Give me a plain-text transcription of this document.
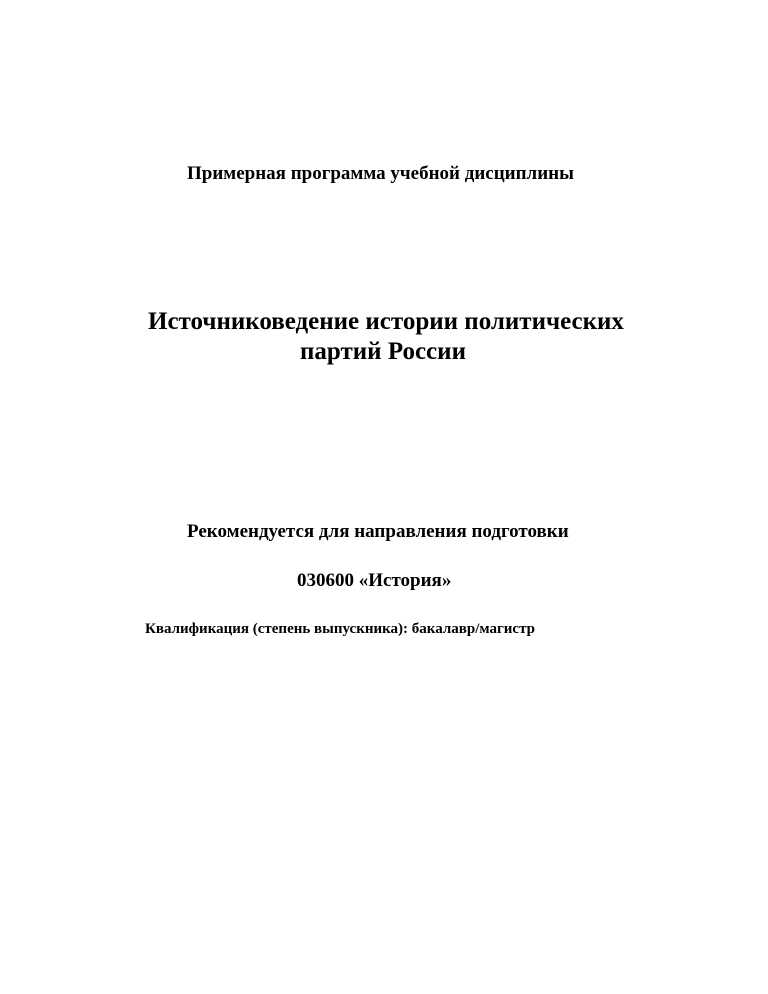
Примерная программа учебной дисциплины
Источниковедение истории политических
партий России
Рекомендуется для направления подготовки
030600 «История»
Квалификация (степень выпускника): бакалавр/магистр
